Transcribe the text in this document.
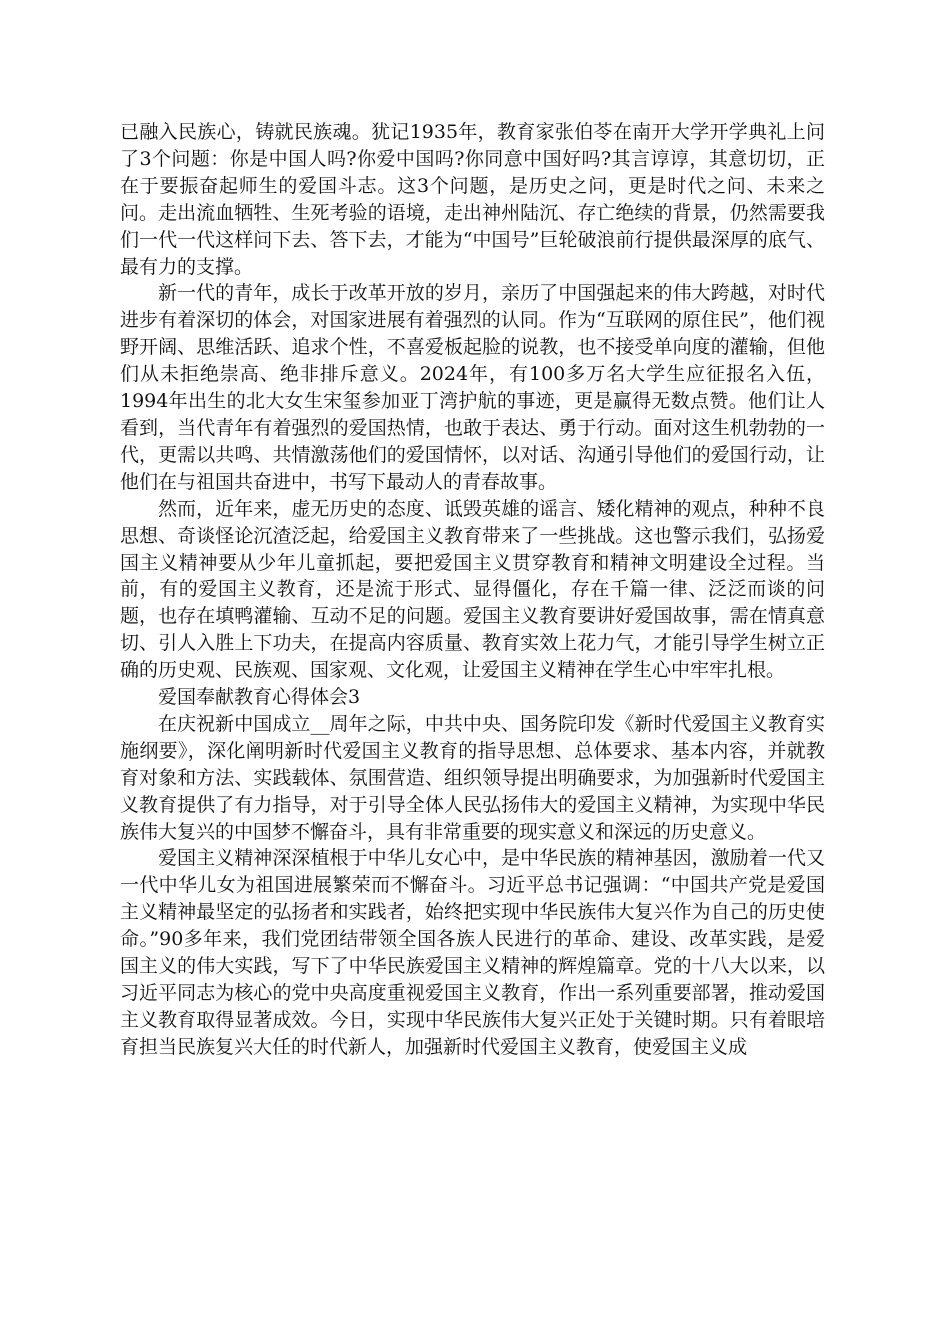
已融入民族心，铸就民族魂。犹记1935年，教育家张伯苓在南开大学开学典礼上问了3个问题：你是中国人吗?你爱中国吗?你同意中国好吗?其言谆谆，其意切切，正在于要振奋起师生的爱国斗志。这3个问题，是历史之问，更是时代之问、未来之问。走出流血牺牲、生死考验的语境，走出神州陆沉、存亡绝续的背景，仍然需要我们一代一代这样问下去、答下去，才能为“中国号”巨轮破浪前行提供最深厚的底气、最有力的支撑。

新一代的青年，成长于改革开放的岁月，亲历了中国强起来的伟大跨越，对时代进步有着深切的体会，对国家进展有着强烈的认同。作为“互联网的原住民”，他们视野开阔、思维活跃、追求个性，不喜爱板起脸的说教，也不接受单向度的灌输，但他们从未拒绝崇高、绝非排斥意义。2024年，有100多万名大学生应征报名入伍，1994年出生的北大女生宋玺参加亚丁湾护航的事迹，更是赢得无数点赞。他们让人看到，当代青年有着强烈的爱国热情，也敢于表达、勇于行动。面对这生机勃勃的一代，更需以共鸣、共情激荡他们的爱国情怀，以对话、沟通引导他们的爱国行动，让他们在与祖国共奋进中，书写下最动人的青春故事。

然而，近年来，虚无历史的态度、诋毁英雄的谣言、矮化精神的观点，种种不良思想、奇谈怪论沉渣泛起，给爱国主义教育带来了一些挑战。这也警示我们，弘扬爱国主义精神要从少年儿童抓起，要把爱国主义贯穿教育和精神文明建设全过程。当前，有的爱国主义教育，还是流于形式、显得僵化，存在千篇一律、泛泛而谈的问题，也存在填鸭灌输、互动不足的问题。爱国主义教育要讲好爱国故事，需在情真意切、引人入胜上下功夫，在提高内容质量、教育实效上花力气，才能引导学生树立正确的历史观、民族观、国家观、文化观，让爱国主义精神在学生心中牢牢扎根。

爱国奉献教育心得体会3

在庆祝新中国成立__周年之际，中共中央、国务院印发《新时代爱国主义教育实施纲要》，深化阐明新时代爱国主义教育的指导思想、总体要求、基本内容，并就教育对象和方法、实践载体、氛围营造、组织领导提出明确要求，为加强新时代爱国主义教育提供了有力指导，对于引导全体人民弘扬伟大的爱国主义精神，为实现中华民族伟大复兴的中国梦不懈奋斗，具有非常重要的现实意义和深远的历史意义。

爱国主义精神深深植根于中华儿女心中，是中华民族的精神基因，激励着一代又一代中华儿女为祖国进展繁荣而不懈奋斗。习近平总书记强调：“中国共产党是爱国主义精神最坚定的弘扬者和实践者，始终把实现中华民族伟大复兴作为自己的历史使命。”90多年来，我们党团结带领全国各族人民进行的革命、建设、改革实践，是爱国主义的伟大实践，写下了中华民族爱国主义精神的辉煌篇章。党的十八大以来，以习近平同志为核心的党中央高度重视爱国主义教育，作出一系列重要部署，推动爱国主义教育取得显著成效。今日，实现中华民族伟大复兴正处于关键时期。只有着眼培育担当民族复兴大任的时代新人，加强新时代爱国主义教育，使爱国主义成
